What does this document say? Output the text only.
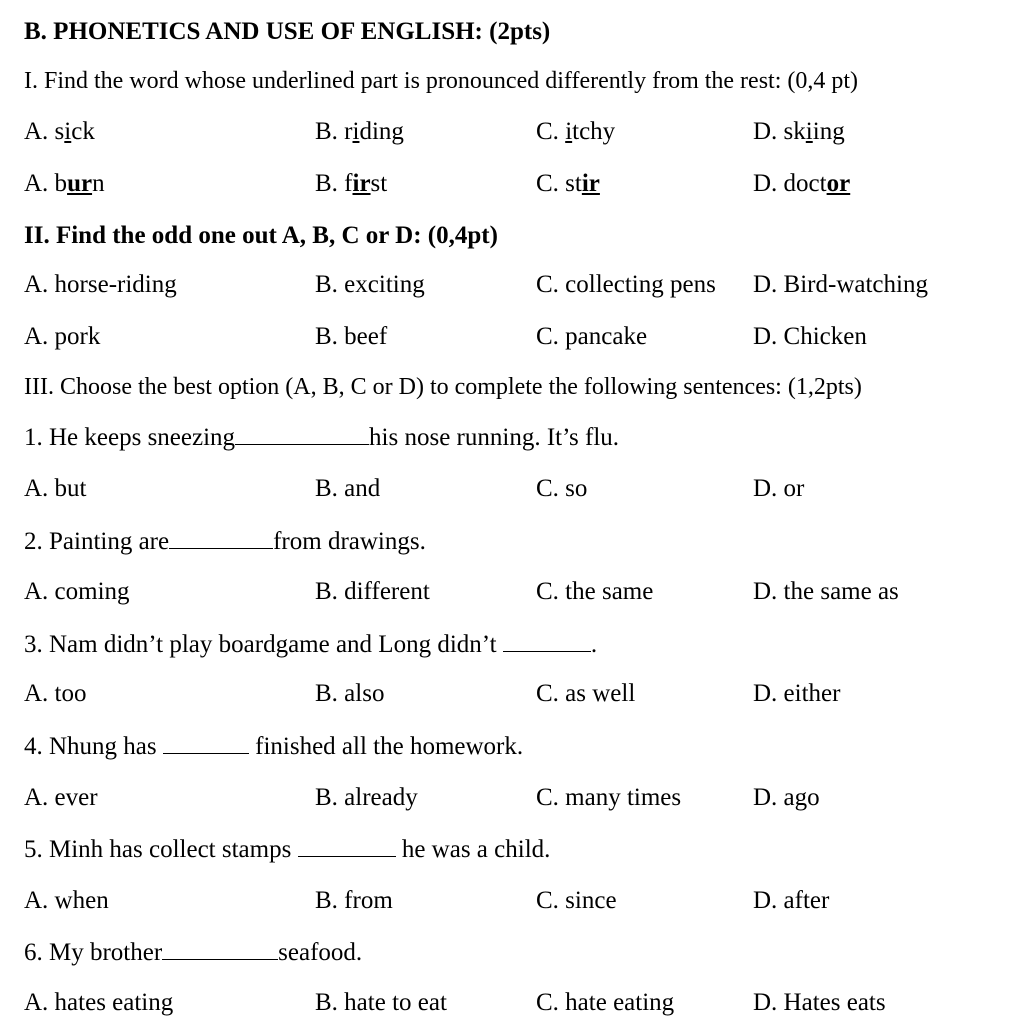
B. PHONETICS AND USE OF ENGLISH: (2pts)
I. Find the word whose underlined part is pronounced differently from the rest: (0,4 pt)
A. sick	B. riding	C. itchy	D. skiing
A. burn	B. first	C. stir	D. doctor
II. Find the odd one out A, B, C or D: (0,4pt)
A. horse-riding	B. exciting	C. collecting pens D. Bird-watching
A. pork	B. beef	C. pancake	D. Chicken
III. Choose the best option (A, B, C or D) to complete the following sentences: (1,2pts)
1. He keeps sneezing	his nose running. It’s flu.
A. but	B. and	C. so	D. or
2. Painting are	from drawings.
A. coming	B. different	C. the same	D. the same as
3. Nam didn’t play boardgame and Long didn’t	.
A. too	B. also	C. as well	D. either
4. Nhung has	finished all the homework.
A. ever	B. already	C. many times	D. ago
5. Minh has collect stamps	he was a child.
A. when	B. from	C. since	D. after
6. My brother	seafood.
A. hates eating	B. hate to eat	C. hate eating	D. Hates eats
